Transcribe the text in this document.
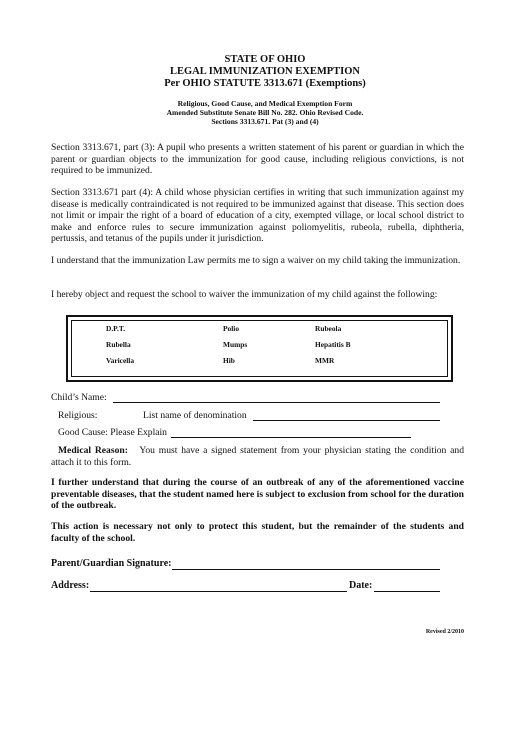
STATE OF OHIO
LEGAL IMMUNIZATION EXEMPTION
Per OHIO STATUTE 3313.671 (Exemptions)
Religious, Good Cause, and Medical Exemption Form
Amended Substitute Senate Bill No. 282. Ohio Revised Code.
Sections 3313.671. Pat (3) and (4)
Section 3313.671, part (3): A pupil who presents a written statement of his parent or guardian in which the parent or guardian objects to the immunization for good cause, including religious convictions, is not required to be immunized.
Section 3313.671 part (4): A child whose physician certifies in writing that such immunization against my disease is medically contraindicated is not required to be immunized against that disease. This section does not limit or impair the right of a board of education of a city, exempted village, or local school district to make and enforce rules to secure immunization against poliomyelitis, rubeola, rubella, diphtheria, pertussis, and tetanus of the pupils under it jurisdiction.
I understand that the immunization Law permits me to sign a waiver on my child taking the immunization.
I hereby object and request the school to waiver the immunization of my child against the following:
D.P.T.
Rubella
Varicella
Polio
Mumps
Hib
Rubeola
Hepatitis B
MMR
Child’s Name:
Religious:	List name of denomination
Good Cause: Please Explain
Medical Reason: You must have a signed statement from your physician stating the condition and attach it to this form.
I further understand that during the course of an outbreak of any of the aforementioned vaccine preventable diseases, that the student named here is subject to exclusion from school for the duration of the outbreak.
This action is necessary not only to protect this student, but the remainder of the students and faculty of the school.
Parent/Guardian Signature:
Address:	Date:
Revised 2/2010
